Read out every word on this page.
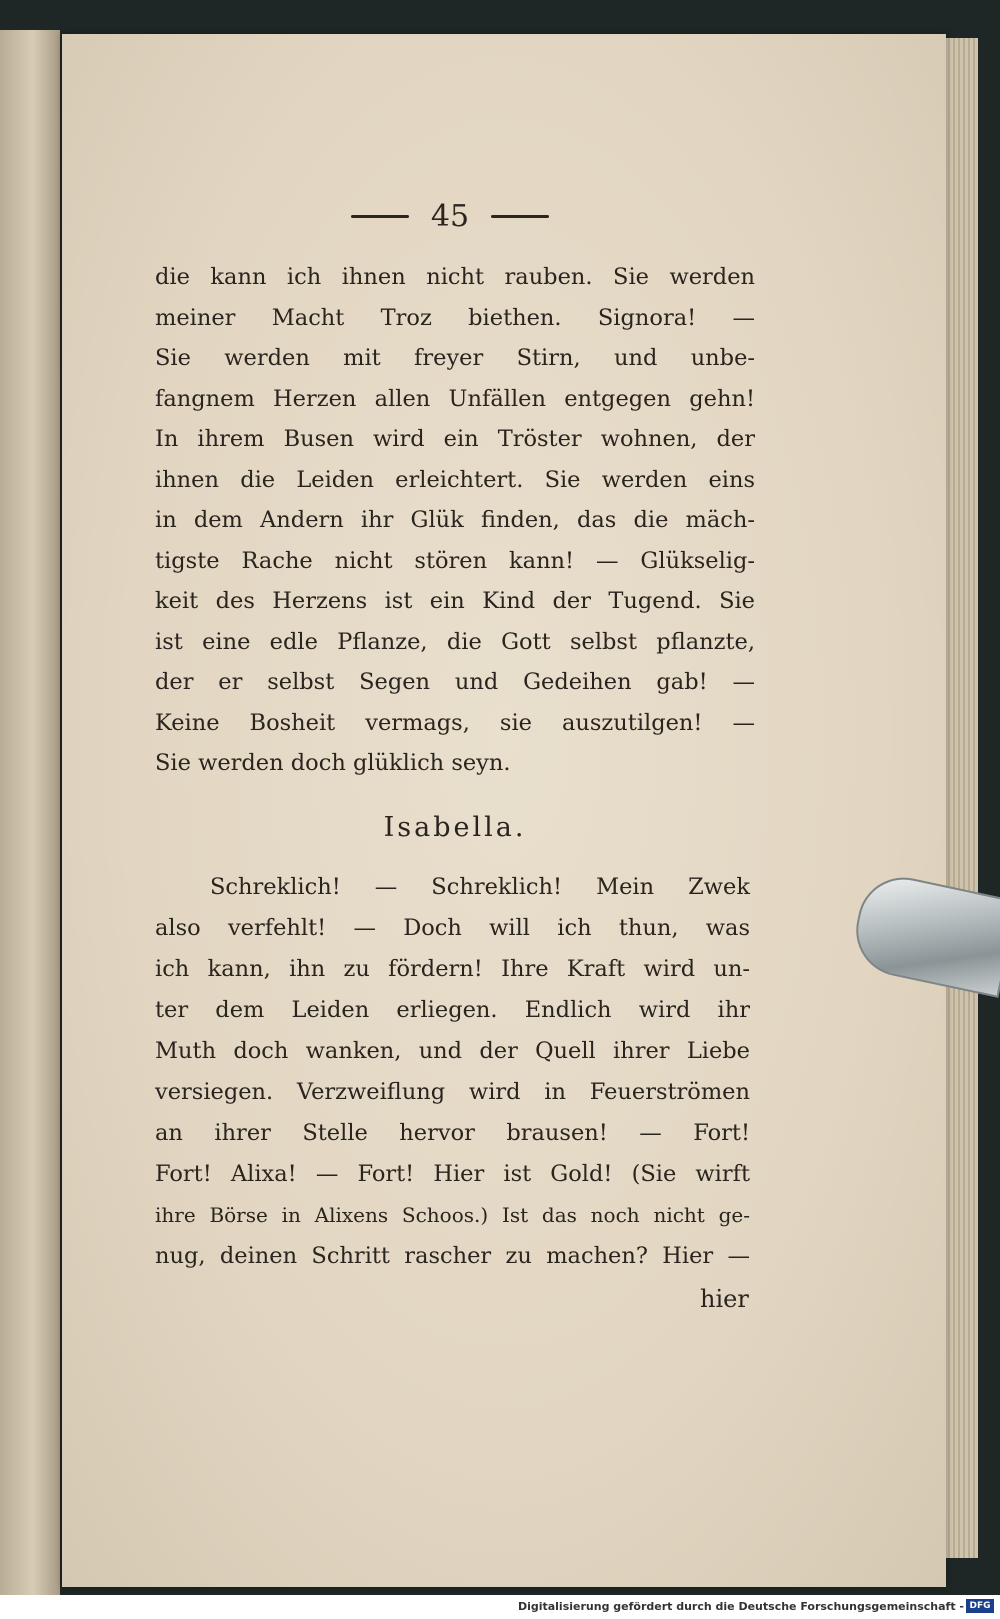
45
die kann ich ihnen nicht rauben. Sie werden
meiner Macht Troz biethen. Signora! —
Sie werden mit freyer Stirn, und unbe-
fangnem Herzen allen Unfällen entgegen gehn!
In ihrem Busen wird ein Tröster wohnen, der
ihnen die Leiden erleichtert. Sie werden eins
in dem Andern ihr Glük finden, das die mäch-
tigste Rache nicht stören kann! — Glükselig-
keit des Herzens ist ein Kind der Tugend. Sie
ist eine edle Pflanze, die Gott selbst pflanzte,
der er selbst Segen und Gedeihen gab! —
Keine Bosheit vermags, sie auszutilgen! —
Sie werden doch glüklich seyn.
Isabella.
Schreklich! — Schreklich! Mein Zwek
also verfehlt! — Doch will ich thun, was
ich kann, ihn zu fördern! Ihre Kraft wird un-
ter dem Leiden erliegen. Endlich wird ihr
Muth doch wanken, und der Quell ihrer Liebe
versiegen. Verzweiflung wird in Feuerströmen
an ihrer Stelle hervor brausen! — Fort!
Fort! Alixa! — Fort! Hier ist Gold! (Sie wirft
ihre Börse in Alixens Schoos.) Ist das noch nicht ge-
nug, deinen Schritt rascher zu machen? Hier —
hier
Digitalisierung gefördert durch die Deutsche Forschungsgemeinschaft - DFG
